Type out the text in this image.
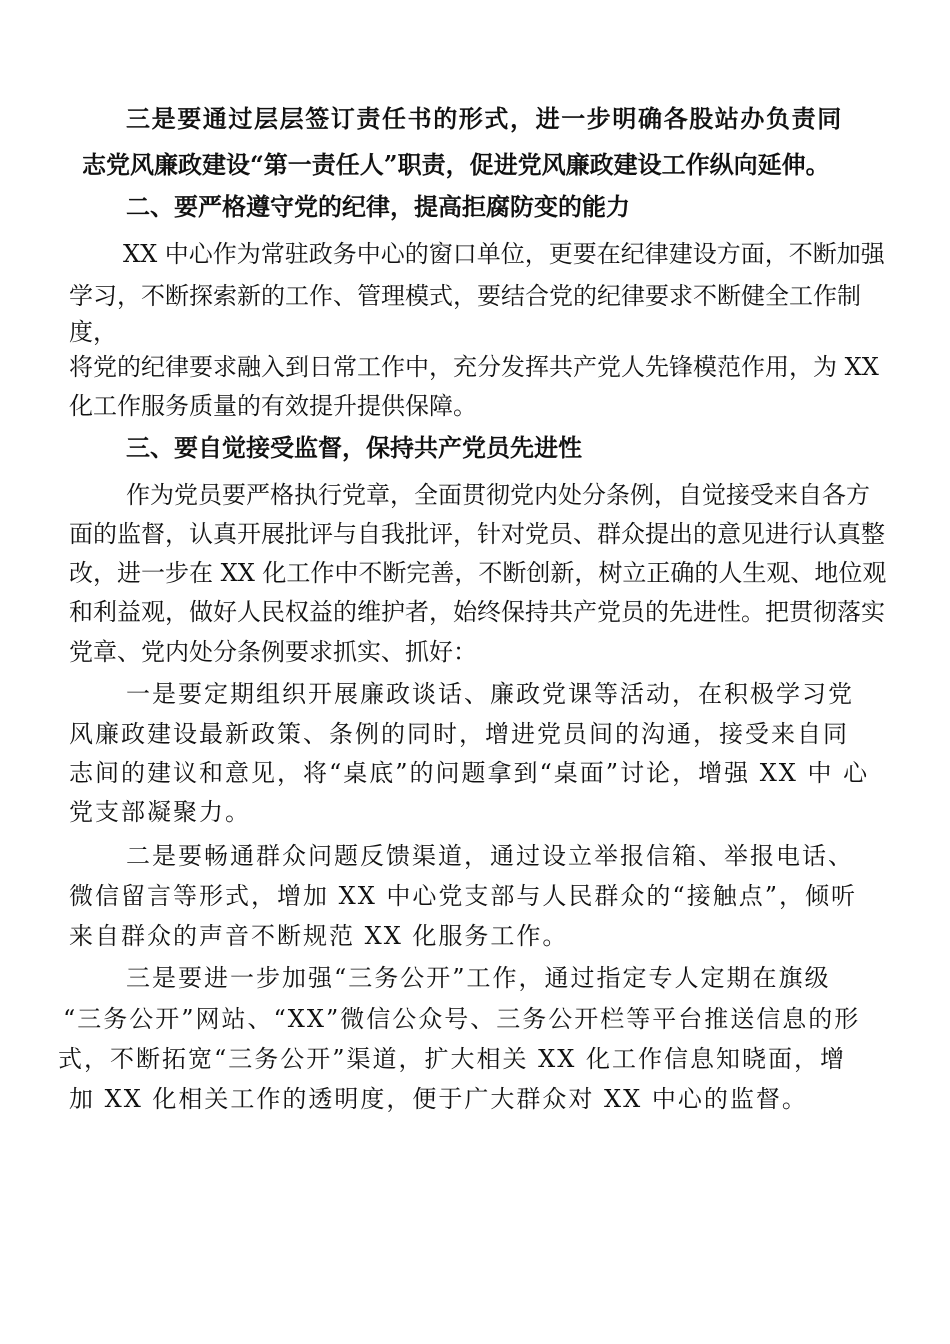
三是要通过层层签订责任书的形式，进一步明确各股站办负责同
志党风廉政建设“第一责任人”职责，促进党风廉政建设工作纵向延伸。
二、要严格遵守党的纪律，提高拒腐防变的能力
XX 中心作为常驻政务中心的窗口单位，更要在纪律建设方面，不断加强
学习，不断探索新的工作、管理模式，要结合党的纪律要求不断健全工作制
度，
将党的纪律要求融入到日常工作中，充分发挥共产党人先锋模范作用，为 XX
化工作服务质量的有效提升提供保障。
三、要自觉接受监督，保持共产党员先进性
作为党员要严格执行党章，全面贯彻党内处分条例，自觉接受来自各方
面的监督，认真开展批评与自我批评，针对党员、群众提出的意见进行认真整
改，进一步在 XX 化工作中不断完善，不断创新，树立正确的人生观、地位观
和利益观，做好人民权益的维护者，始终保持共产党员的先进性。把贯彻落实
党章、党内处分条例要求抓实、抓好：
一是要定期组织开展廉政谈话、廉政党课等活动，在积极学习党
风廉政建设最新政策、条例的同时，增进党员间的沟通，接受来自同
志间的建议和意见，将“桌底”的问题拿到“桌面”讨论，增强 XX 中 心
党支部凝聚力。
二是要畅通群众问题反馈渠道，通过设立举报信箱、举报电话、
微信留言等形式，增加 XX 中心党支部与人民群众的“接触点”，倾听
来自群众的声音不断规范 XX 化服务工作。
三是要进一步加强“三务公开”工作，通过指定专人定期在旗级
“三务公开”网站、“XX”微信公众号、三务公开栏等平台推送信息的形
式，不断拓宽“三务公开”渠道，扩大相关 XX 化工作信息知晓面，增
加 XX 化相关工作的透明度，便于广大群众对 XX 中心的监督。
